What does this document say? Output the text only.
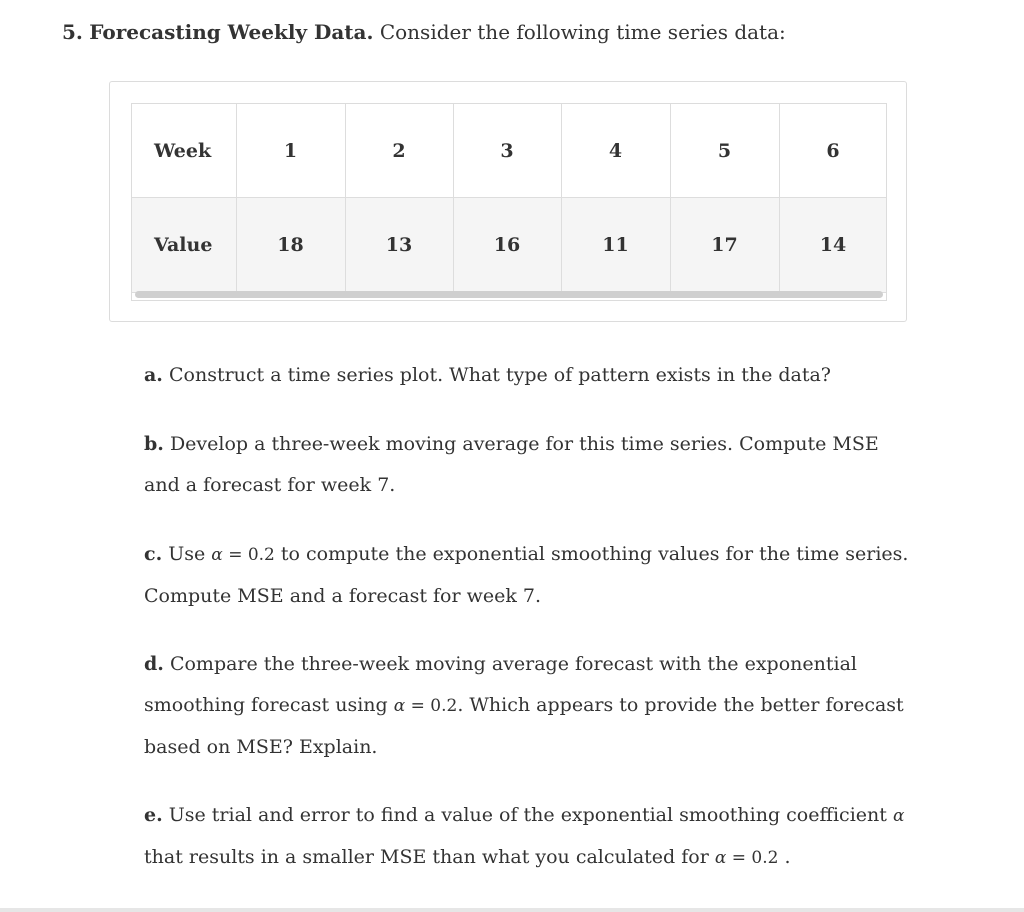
5. Forecasting Weekly Data. Consider the following time series data:
Week	1	2	3	4	5	6
Value	18	13	16	11	17	14
a. Construct a time series plot. What type of pattern exists in the data?
b. Develop a three-week moving average for this time series. Compute MSE and a forecast for week 7.
c. Use α = 0.2 to compute the exponential smoothing values for the time series. Compute MSE and a forecast for week 7.
d. Compare the three-week moving average forecast with the exponential smoothing forecast using α = 0.2. Which appears to provide the better forecast based on MSE? Explain.
e. Use trial and error to find a value of the exponential smoothing coefficient α that results in a smaller MSE than what you calculated for α = 0.2 .
